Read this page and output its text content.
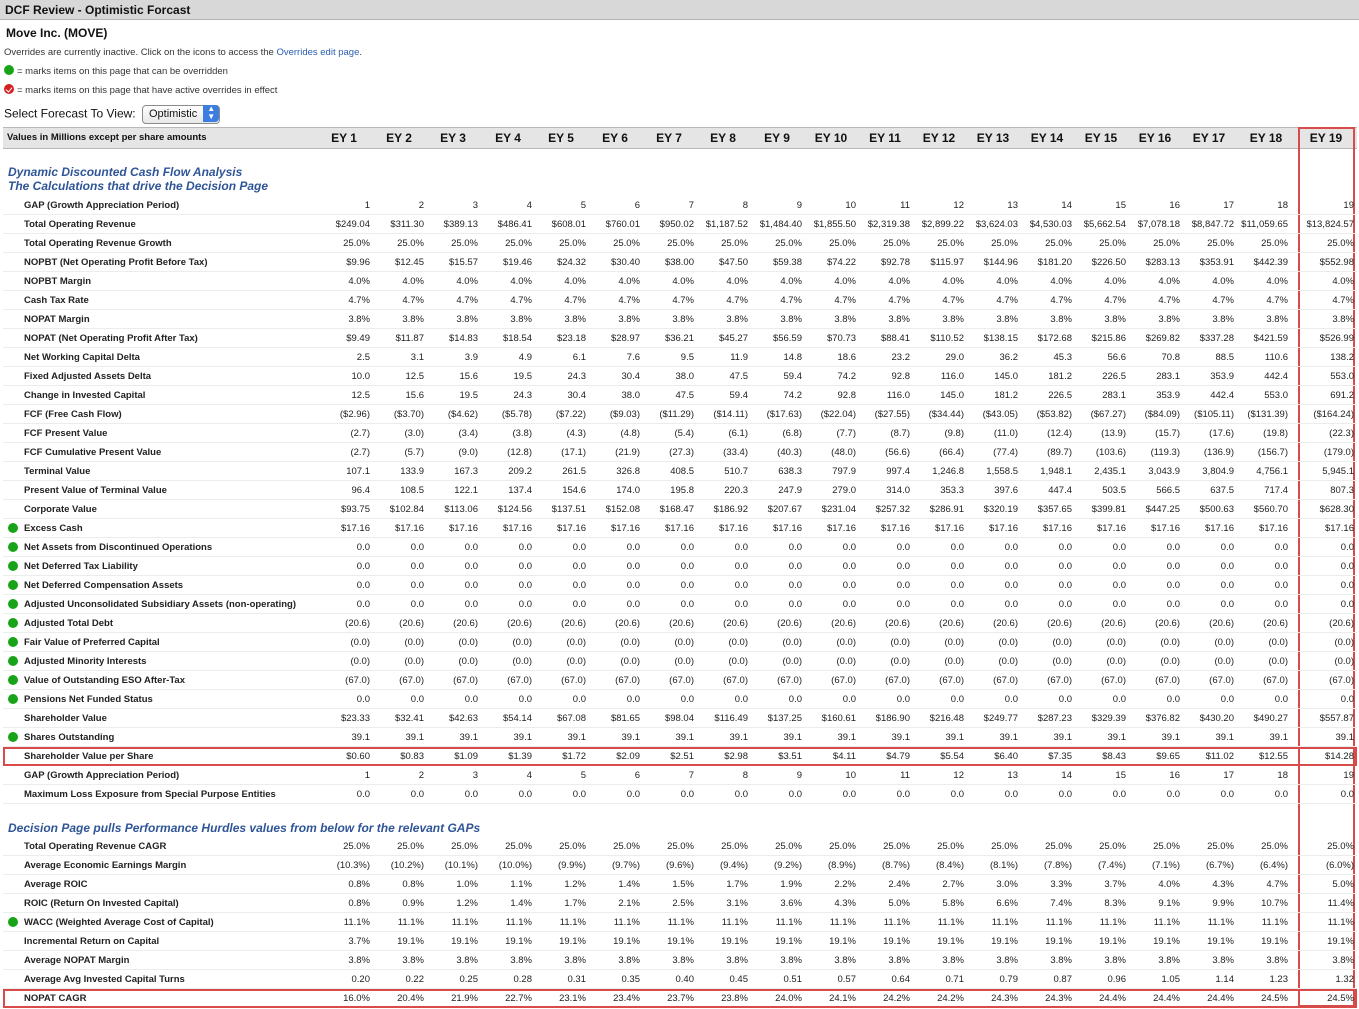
DCF Review - Optimistic Forcast
Move Inc. (MOVE)
Overrides are currently inactive. Click on the icons to access the Overrides edit page.
= marks items on this page that can be overridden
= marks items on this page that have active overrides in effect
Select Forecast To View: Optimistic	▲
▼
Values in Millions except per share amounts
Dynamic Discounted Cash Flow Analysis
The Calculations that drive the Decision Page
Decision Page pulls Performance Hurdles values from below for the relevant GAPs
EY 1	EY 2	EY 3	EY 4	EY 5	EY 6	EY 7	EY 8	EY 9	EY 10	EY 11	EY 12	EY 13	EY 14	EY 15	EY 16	EY 17	EY 18	EY 19
GAP (Growth Appreciation Period)	1	2	3	4	5	6	7	8	9	10	11	12	13	14	15	16	17	18	19
Total Operating Revenue	$249.04	$311.30	$389.13	$486.41	$608.01	$760.01	$950.02	$1,187.52	$1,484.40	$1,855.50	$2,319.38	$2,899.22	$3,624.03	$4,530.03	$5,662.54	$7,078.18	$8,847.72 $11,059.65	$13,824.57
Total Operating Revenue Growth	25.0%	25.0%	25.0%	25.0%	25.0%	25.0%	25.0%	25.0%	25.0%	25.0%	25.0%	25.0%	25.0%	25.0%	25.0%	25.0%	25.0%	25.0%	25.0%
NOPBT (Net Operating Profit Before Tax)	$9.96	$12.45	$15.57	$19.46	$24.32	$30.40	$38.00	$47.50	$59.38	$74.22	$92.78	$115.97	$144.96	$181.20	$226.50	$283.13	$353.91	$442.39	$552.98
NOPBT Margin	4.0%	4.0%	4.0%	4.0%	4.0%	4.0%	4.0%	4.0%	4.0%	4.0%	4.0%	4.0%	4.0%	4.0%	4.0%	4.0%	4.0%	4.0%	4.0%
Cash Tax Rate	4.7%	4.7%	4.7%	4.7%	4.7%	4.7%	4.7%	4.7%	4.7%	4.7%	4.7%	4.7%	4.7%	4.7%	4.7%	4.7%	4.7%	4.7%	4.7%
NOPAT Margin	3.8%	3.8%	3.8%	3.8%	3.8%	3.8%	3.8%	3.8%	3.8%	3.8%	3.8%	3.8%	3.8%	3.8%	3.8%	3.8%	3.8%	3.8%	3.8%
NOPAT (Net Operating Profit After Tax)	$9.49	$11.87	$14.83	$18.54	$23.18	$28.97	$36.21	$45.27	$56.59	$70.73	$88.41	$110.52	$138.15	$172.68	$215.86	$269.82	$337.28	$421.59	$526.99
Net Working Capital Delta	2.5	3.1	3.9	4.9	6.1	7.6	9.5	11.9	14.8	18.6	23.2	29.0	36.2	45.3	56.6	70.8	88.5	110.6	138.2
Fixed Adjusted Assets Delta	10.0	12.5	15.6	19.5	24.3	30.4	38.0	47.5	59.4	74.2	92.8	116.0	145.0	181.2	226.5	283.1	353.9	442.4	553.0
Change in Invested Capital	12.5	15.6	19.5	24.3	30.4	38.0	47.5	59.4	74.2	92.8	116.0	145.0	181.2	226.5	283.1	353.9	442.4	553.0	691.2
FCF (Free Cash Flow)	($2.96)	($3.70)	($4.62)	($5.78)	($7.22)	($9.03)	($11.29)	($14.11)	($17.63)	($22.04)	($27.55)	($34.44)	($43.05)	($53.82)	($67.27)	($84.09)	($105.11)	($131.39)	($164.24)
FCF Present Value	(2.7)	(3.0)	(3.4)	(3.8)	(4.3)	(4.8)	(5.4)	(6.1)	(6.8)	(7.7)	(8.7)	(9.8)	(11.0)	(12.4)	(13.9)	(15.7)	(17.6)	(19.8)	(22.3)
FCF Cumulative Present Value	(2.7)	(5.7)	(9.0)	(12.8)	(17.1)	(21.9)	(27.3)	(33.4)	(40.3)	(48.0)	(56.6)	(66.4)	(77.4)	(89.7)	(103.6)	(119.3)	(136.9)	(156.7)	(179.0)
Terminal Value	107.1	133.9	167.3	209.2	261.5	326.8	408.5	510.7	638.3	797.9	997.4	1,246.8	1,558.5	1,948.1	2,435.1	3,043.9	3,804.9	4,756.1	5,945.1
Present Value of Terminal Value	96.4	108.5	122.1	137.4	154.6	174.0	195.8	220.3	247.9	279.0	314.0	353.3	397.6	447.4	503.5	566.5	637.5	717.4	807.3
Corporate Value	$93.75	$102.84	$113.06	$124.56	$137.51	$152.08	$168.47	$186.92	$207.67	$231.04	$257.32	$286.91	$320.19	$357.65	$399.81	$447.25	$500.63	$560.70	$628.30
Excess Cash	$17.16	$17.16	$17.16	$17.16	$17.16	$17.16	$17.16	$17.16	$17.16	$17.16	$17.16	$17.16	$17.16	$17.16	$17.16	$17.16	$17.16	$17.16	$17.16
Net Assets from Discontinued Operations	0.0	0.0	0.0	0.0	0.0	0.0	0.0	0.0	0.0	0.0	0.0	0.0	0.0	0.0	0.0	0.0	0.0	0.0	0.0
Net Deferred Tax Liability	0.0	0.0	0.0	0.0	0.0	0.0	0.0	0.0	0.0	0.0	0.0	0.0	0.0	0.0	0.0	0.0	0.0	0.0	0.0
Net Deferred Compensation Assets	0.0	0.0	0.0	0.0	0.0	0.0	0.0	0.0	0.0	0.0	0.0	0.0	0.0	0.0	0.0	0.0	0.0	0.0	0.0
Adjusted Unconsolidated Subsidiary Assets (non-operating)	0.0	0.0	0.0	0.0	0.0	0.0	0.0	0.0	0.0	0.0	0.0	0.0	0.0	0.0	0.0	0.0	0.0	0.0	0.0
Adjusted Total Debt	(20.6)	(20.6)	(20.6)	(20.6)	(20.6)	(20.6)	(20.6)	(20.6)	(20.6)	(20.6)	(20.6)	(20.6)	(20.6)	(20.6)	(20.6)	(20.6)	(20.6)	(20.6)	(20.6)
Fair Value of Preferred Capital	(0.0)	(0.0)	(0.0)	(0.0)	(0.0)	(0.0)	(0.0)	(0.0)	(0.0)	(0.0)	(0.0)	(0.0)	(0.0)	(0.0)	(0.0)	(0.0)	(0.0)	(0.0)	(0.0)
Adjusted Minority Interests	(0.0)	(0.0)	(0.0)	(0.0)	(0.0)	(0.0)	(0.0)	(0.0)	(0.0)	(0.0)	(0.0)	(0.0)	(0.0)	(0.0)	(0.0)	(0.0)	(0.0)	(0.0)	(0.0)
Value of Outstanding ESO After-Tax	(67.0)	(67.0)	(67.0)	(67.0)	(67.0)	(67.0)	(67.0)	(67.0)	(67.0)	(67.0)	(67.0)	(67.0)	(67.0)	(67.0)	(67.0)	(67.0)	(67.0)	(67.0)	(67.0)
Pensions Net Funded Status	0.0	0.0	0.0	0.0	0.0	0.0	0.0	0.0	0.0	0.0	0.0	0.0	0.0	0.0	0.0	0.0	0.0	0.0	0.0
Shareholder Value	$23.33	$32.41	$42.63	$54.14	$67.08	$81.65	$98.04	$116.49	$137.25	$160.61	$186.90	$216.48	$249.77	$287.23	$329.39	$376.82	$430.20	$490.27	$557.87
Shares Outstanding	39.1	39.1	39.1	39.1	39.1	39.1	39.1	39.1	39.1	39.1	39.1	39.1	39.1	39.1	39.1	39.1	39.1	39.1	39.1
Shareholder Value per Share	$0.60	$0.83	$1.09	$1.39	$1.72	$2.09	$2.51	$2.98	$3.51	$4.11	$4.79	$5.54	$6.40	$7.35	$8.43	$9.65	$11.02	$12.55	$14.28
GAP (Growth Appreciation Period)	1	2	3	4	5	6	7	8	9	10	11	12	13	14	15	16	17	18	19
Maximum Loss Exposure from Special Purpose Entities	0.0	0.0	0.0	0.0	0.0	0.0	0.0	0.0	0.0	0.0	0.0	0.0	0.0	0.0	0.0	0.0	0.0	0.0	0.0
Total Operating Revenue CAGR	25.0%	25.0%	25.0%	25.0%	25.0%	25.0%	25.0%	25.0%	25.0%	25.0%	25.0%	25.0%	25.0%	25.0%	25.0%	25.0%	25.0%	25.0%	25.0%
Average Economic Earnings Margin	(10.3%)	(10.2%)	(10.1%)	(10.0%)	(9.9%)	(9.7%)	(9.6%)	(9.4%)	(9.2%)	(8.9%)	(8.7%)	(8.4%)	(8.1%)	(7.8%)	(7.4%)	(7.1%)	(6.7%)	(6.4%)	(6.0%)
Average ROIC	0.8%	0.8%	1.0%	1.1%	1.2%	1.4%	1.5%	1.7%	1.9%	2.2%	2.4%	2.7%	3.0%	3.3%	3.7%	4.0%	4.3%	4.7%	5.0%
ROIC (Return On Invested Capital)	0.8%	0.9%	1.2%	1.4%	1.7%	2.1%	2.5%	3.1%	3.6%	4.3%	5.0%	5.8%	6.6%	7.4%	8.3%	9.1%	9.9%	10.7%	11.4%
WACC (Weighted Average Cost of Capital)	11.1%	11.1%	11.1%	11.1%	11.1%	11.1%	11.1%	11.1%	11.1%	11.1%	11.1%	11.1%	11.1%	11.1%	11.1%	11.1%	11.1%	11.1%	11.1%
Incremental Return on Capital	3.7%	19.1%	19.1%	19.1%	19.1%	19.1%	19.1%	19.1%	19.1%	19.1%	19.1%	19.1%	19.1%	19.1%	19.1%	19.1%	19.1%	19.1%	19.1%
Average NOPAT Margin	3.8%	3.8%	3.8%	3.8%	3.8%	3.8%	3.8%	3.8%	3.8%	3.8%	3.8%	3.8%	3.8%	3.8%	3.8%	3.8%	3.8%	3.8%	3.8%
Average Avg Invested Capital Turns	0.20	0.22	0.25	0.28	0.31	0.35	0.40	0.45	0.51	0.57	0.64	0.71	0.79	0.87	0.96	1.05	1.14	1.23	1.32
NOPAT CAGR	16.0%	20.4%	21.9%	22.7%	23.1%	23.4%	23.7%	23.8%	24.0%	24.1%	24.2%	24.2%	24.3%	24.3%	24.4%	24.4%	24.4%	24.5%	24.5%
